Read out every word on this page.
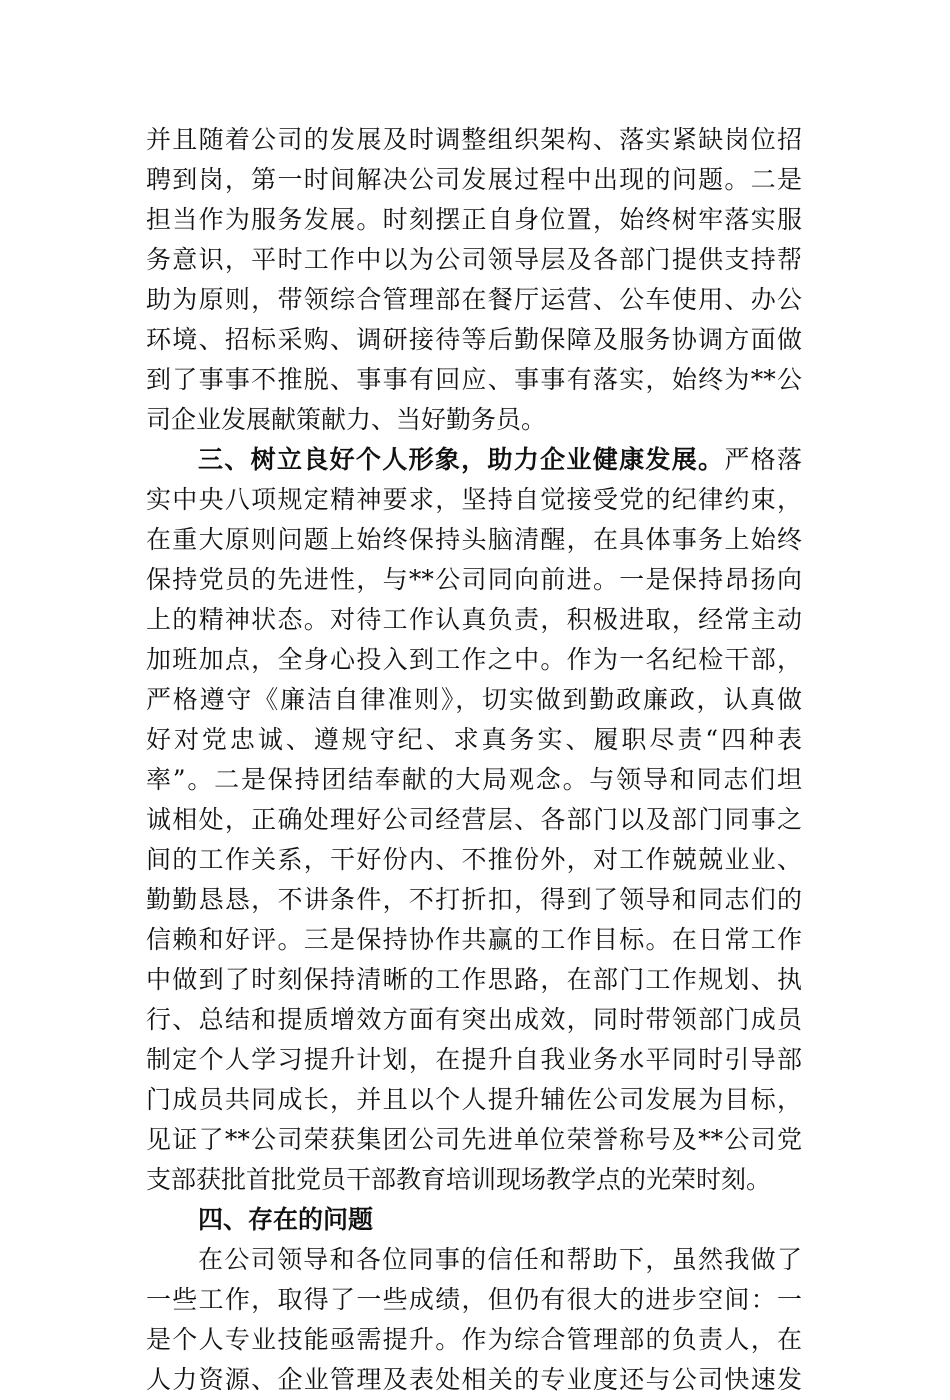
并且随着公司的发展及时调整组织架构、落实紧缺岗位招
聘到岗，第一时间解决公司发展过程中出现的问题。二是
担当作为服务发展。时刻摆正自身位置，始终树牢落实服
务意识，平时工作中以为公司领导层及各部门提供支持帮
助为原则，带领综合管理部在餐厅运营、公车使用、办公
环境、招标采购、调研接待等后勤保障及服务协调方面做
到了事事不推脱、事事有回应、事事有落实，始终为**公
司企业发展献策献力、当好勤务员。
三、树立良好个人形象，助力企业健康发展。严格落
实中央八项规定精神要求，坚持自觉接受党的纪律约束，
在重大原则问题上始终保持头脑清醒，在具体事务上始终
保持党员的先进性，与**公司同向前进。一是保持昂扬向
上的精神状态。对待工作认真负责，积极进取，经常主动
加班加点，全身心投入到工作之中。作为一名纪检干部，
严格遵守《廉洁自律准则》，切实做到勤政廉政，认真做
好对党忠诚、遵规守纪、求真务实、履职尽责“四种表
率”。二是保持团结奉献的大局观念。与领导和同志们坦
诚相处，正确处理好公司经营层、各部门以及部门同事之
间的工作关系，干好份内、不推份外，对工作兢兢业业、
勤勤恳恳，不讲条件，不打折扣，得到了领导和同志们的
信赖和好评。三是保持协作共赢的工作目标。在日常工作
中做到了时刻保持清晰的工作思路，在部门工作规划、执
行、总结和提质增效方面有突出成效，同时带领部门成员
制定个人学习提升计划，在提升自我业务水平同时引导部
门成员共同成长，并且以个人提升辅佐公司发展为目标，
见证了**公司荣获集团公司先进单位荣誉称号及**公司党
支部获批首批党员干部教育培训现场教学点的光荣时刻。
四、存在的问题
在公司领导和各位同事的信任和帮助下，虽然我做了
一些工作，取得了一些成绩，但仍有很大的进步空间：一
是个人专业技能亟需提升。作为综合管理部的负责人，在
人力资源、企业管理及表处相关的专业度还与公司快速发
